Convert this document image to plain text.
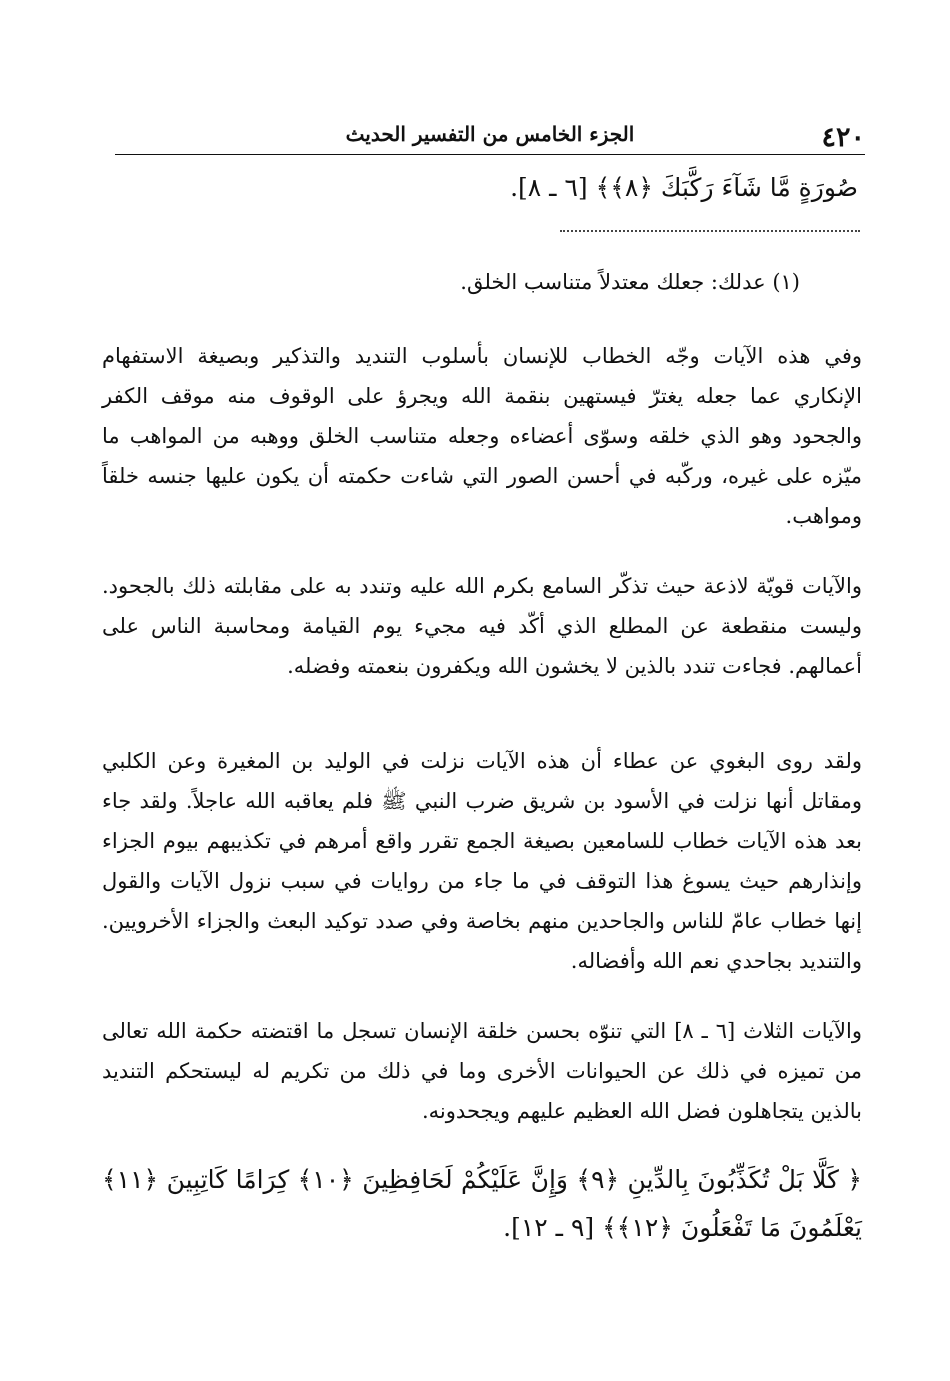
٤٢٠
الجزء الخامس من التفسير الحديث
صُورَةٍ مَّا شَآءَ رَكَّبَكَ ﴿٨﴾﴾ [٦ ـ ٨].
(١) عدلك: جعلك معتدلاً متناسب الخلق.

وفي هذه الآيات وجّه الخطاب للإنسان بأسلوب التنديد والتذكير وبصيغة الاستفهام الإنكاري عما جعله يغترّ فيستهين بنقمة الله ويجرؤ على الوقوف منه موقف الكفر والجحود وهو الذي خلقه وسوّى أعضاءه وجعله متناسب الخلق ووهبه من المواهب ما ميّزه على غيره، وركّبه في أحسن الصور التي شاءت حكمته أن يكون عليها جنسه خلقاً ومواهب.

والآيات قويّة لاذعة حيث تذكّر السامع بكرم الله عليه وتندد به على مقابلته ذلك بالجحود. وليست منقطعة عن المطلع الذي أكّد فيه مجيء يوم القيامة ومحاسبة الناس على أعمالهم. فجاءت تندد بالذين لا يخشون الله ويكفرون بنعمته وفضله.

ولقد روى البغوي عن عطاء أن هذه الآيات نزلت في الوليد بن المغيرة وعن الكلبي ومقاتل أنها نزلت في الأسود بن شريق ضرب النبي ﷺ فلم يعاقبه الله عاجلاً. ولقد جاء بعد هذه الآيات خطاب للسامعين بصيغة الجمع تقرر واقع أمرهم في تكذيبهم بيوم الجزاء وإنذارهم حيث يسوغ هذا التوقف في ما جاء من روايات في سبب نزول الآيات والقول إنها خطاب عامّ للناس والجاحدين منهم بخاصة وفي صدد توكيد البعث والجزاء الأخرويين. والتنديد بجاحدي نعم الله وأفضاله.

والآيات الثلاث [٦ ـ ٨] التي تنوّه بحسن خلقة الإنسان تسجل ما اقتضته حكمة الله تعالى من تميزه في ذلك عن الحيوانات الأخرى وما في ذلك من تكريم له ليستحكم التنديد بالذين يتجاهلون فضل الله العظيم عليهم ويجحدونه.

﴿ كَلَّا بَلْ تُكَذِّبُونَ بِالدِّينِ ﴿٩﴾ وَإِنَّ عَلَيْكُمْ لَحَافِظِينَ ﴿١٠﴾ كِرَامًا كَاتِبِينَ ﴿١١﴾ يَعْلَمُونَ مَا تَفْعَلُونَ ﴿١٢﴾﴾ [٩ ـ ١٢].
